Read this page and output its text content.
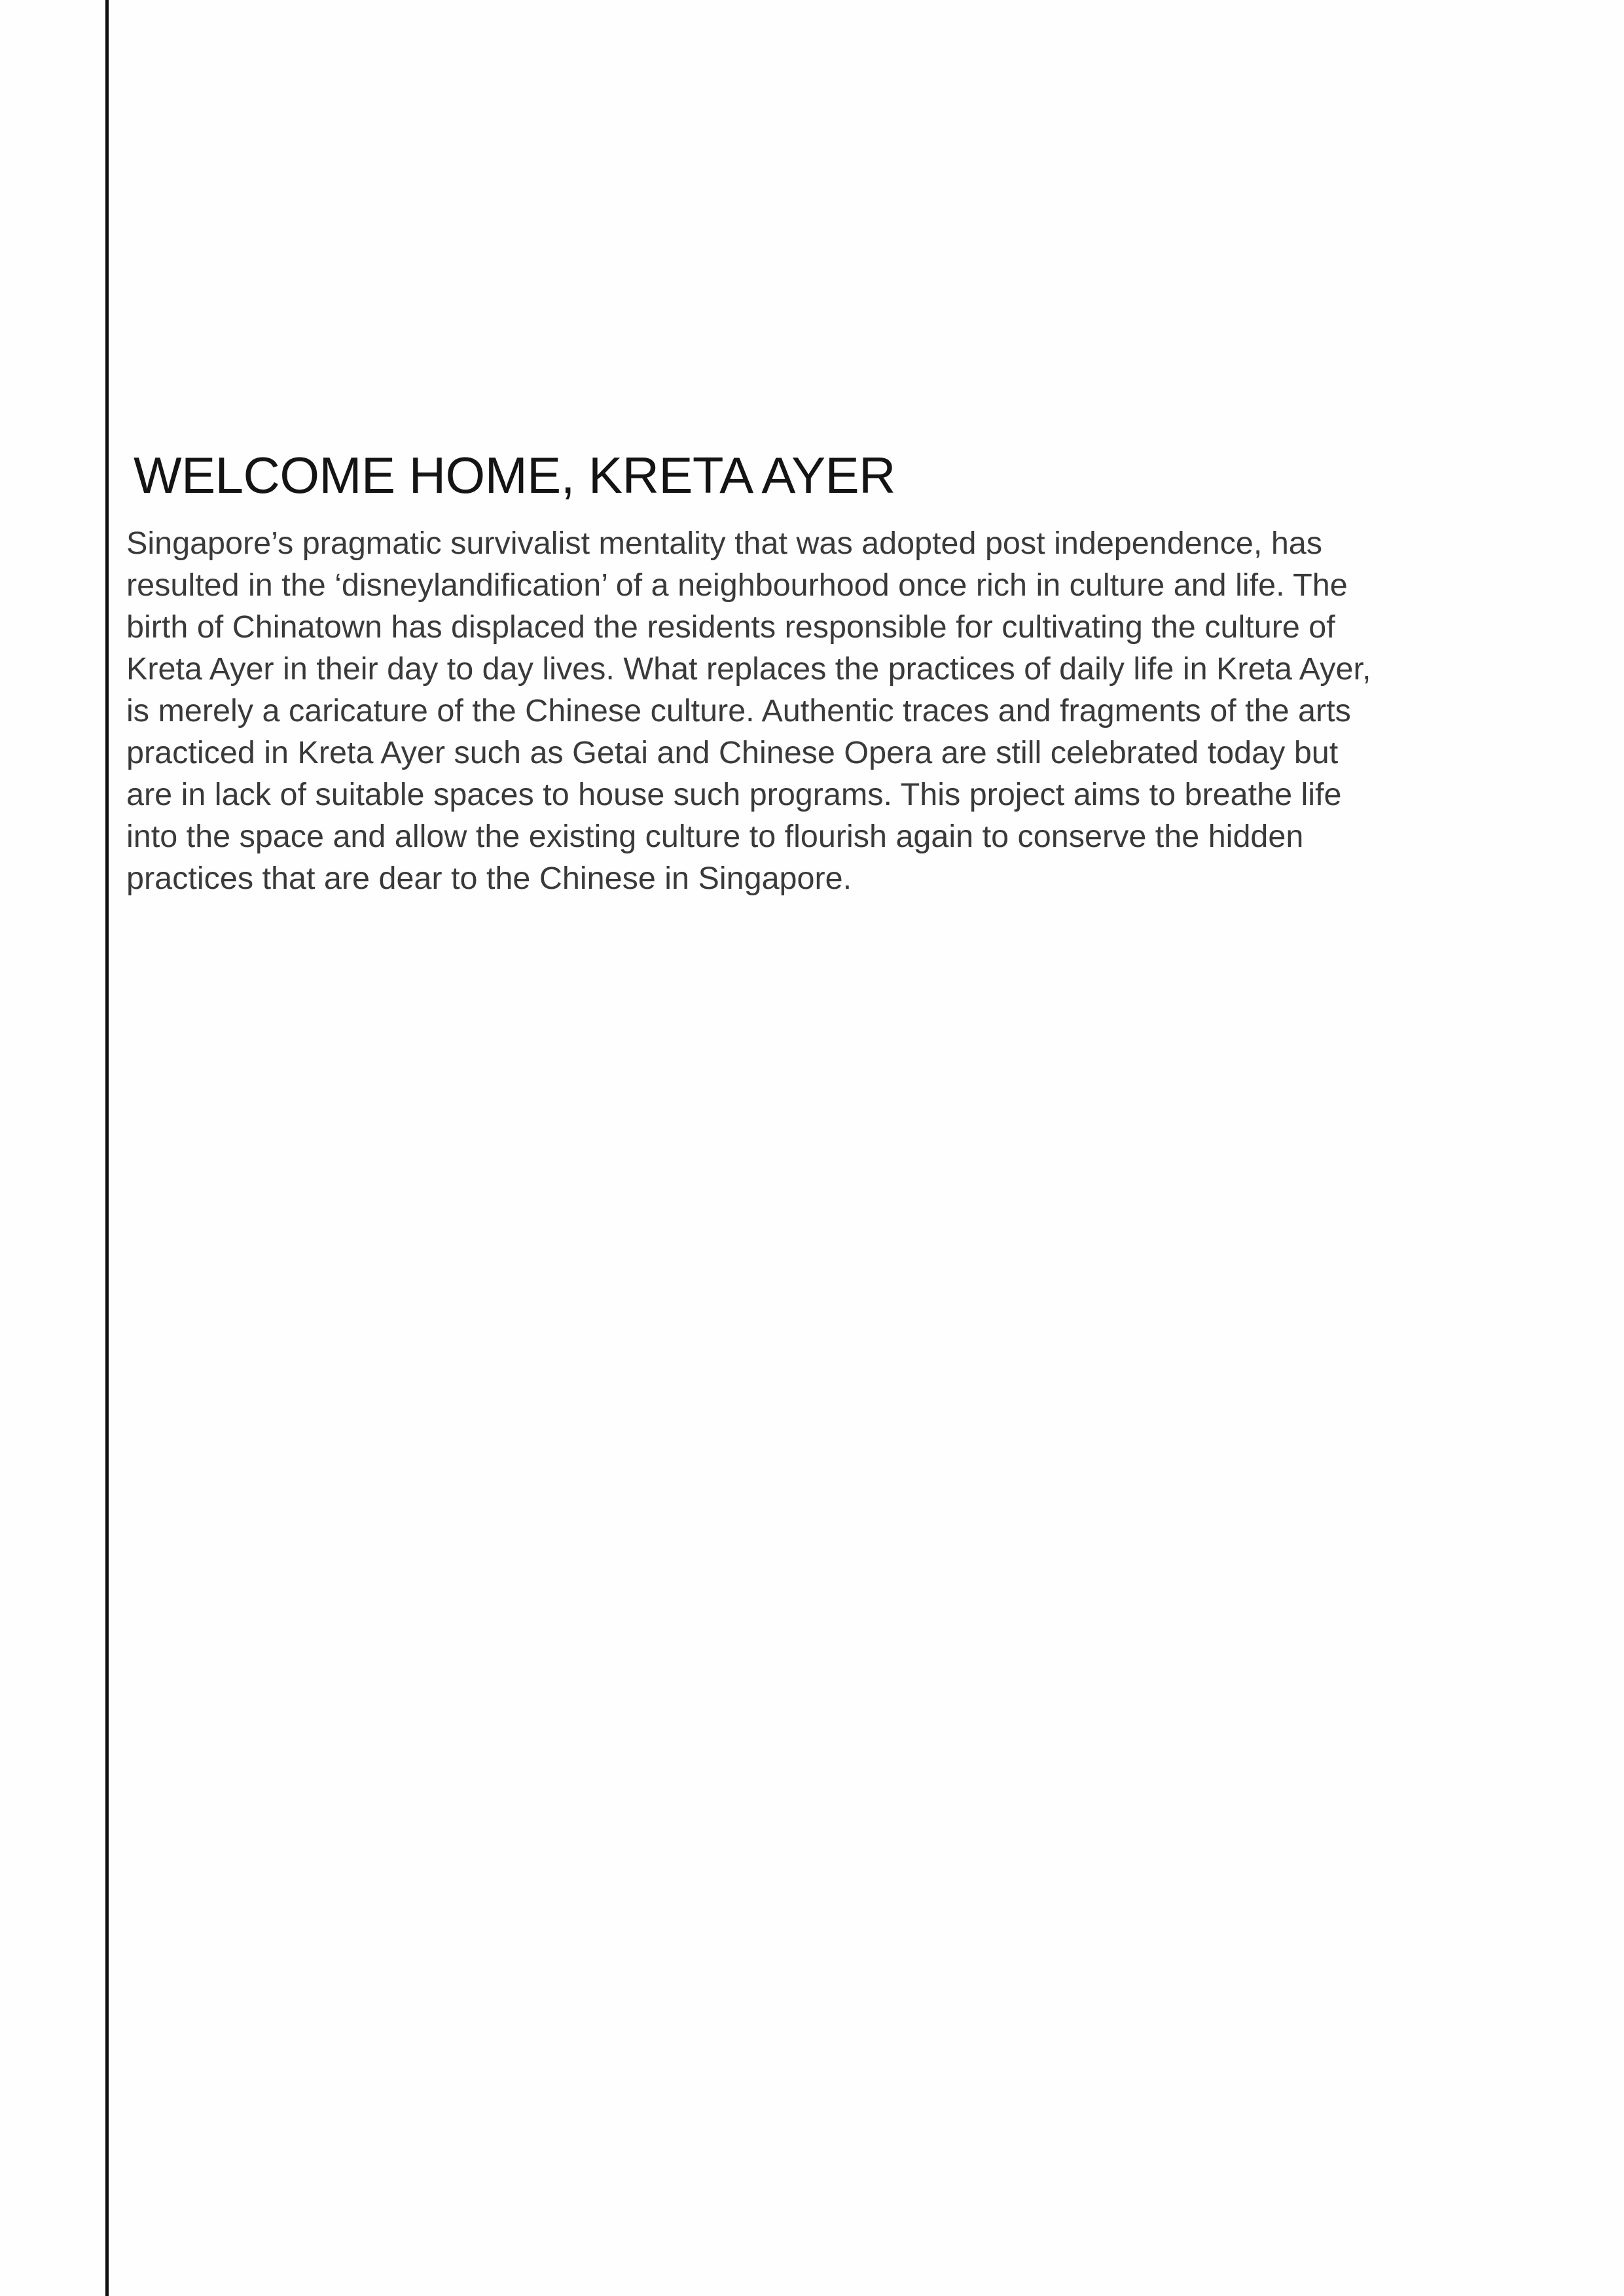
WELCOME HOME, KRETA AYER
Singapore’s pragmatic survivalist mentality that was adopted post independence, has
resulted in the ‘disneylandification’ of a neighbourhood once rich in culture and life. The
birth of Chinatown has displaced the residents responsible for cultivating the culture of
Kreta Ayer in their day to day lives. What replaces the practices of daily life in Kreta Ayer,
is merely a caricature of the Chinese culture. Authentic traces and fragments of the arts
practiced in Kreta Ayer such as Getai and Chinese Opera are still celebrated today but
are in lack of suitable spaces to house such programs. This project aims to breathe life
into the space and allow the existing culture to flourish again to conserve the hidden
practices that are dear to the Chinese in Singapore.
